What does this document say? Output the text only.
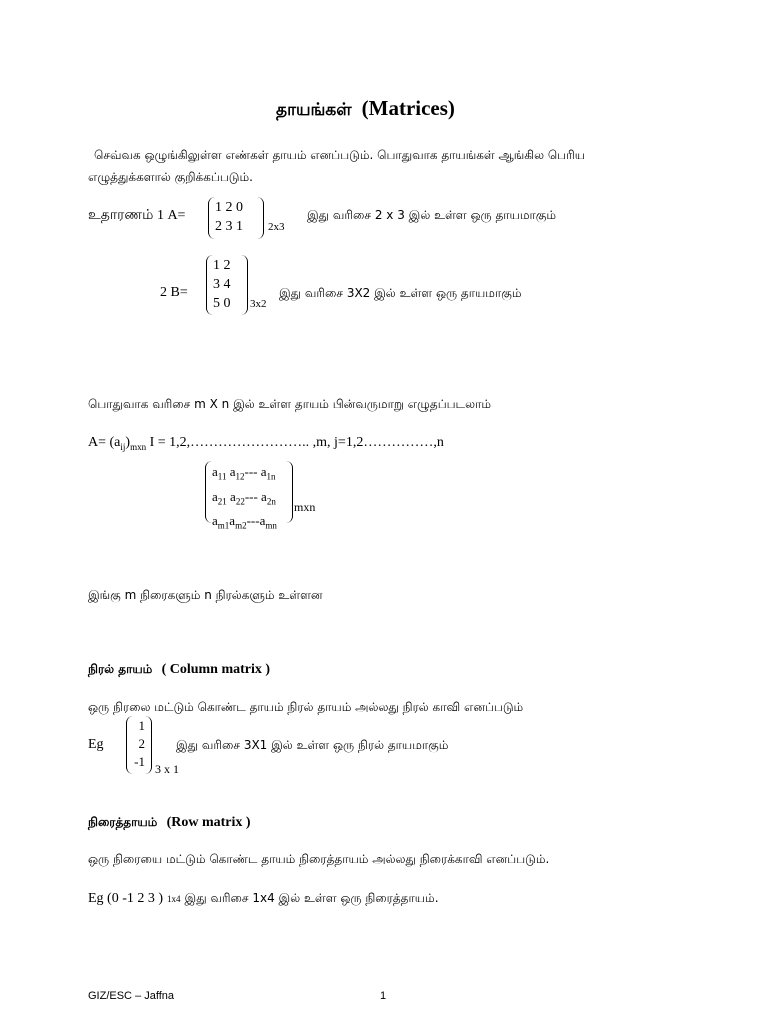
தாயங்கள் (Matrices)
செவ்வக ஒழுங்கிலுள்ள எண்கள் தாயம் எனப்படும். பொதுவாக தாயங்கள் ஆங்கில பெரிய
எழுத்துக்களால் குறிக்கப்படும்.
உதாரணம் 1 A=
1 2 0
2 3 1	2x3
இது வரிசை 2 x 3 இல் உள்ள ஒரு தாயமாகும்
2 B=
1 2
3 4
5 0	3x2
இது வரிசை 3X2 இல் உள்ள ஒரு தாயமாகும்
பொதுவாக வரிசை m X n இல் உள்ள தாயம் பின்வருமாறு எழுதப்படலாம்
$A= (a_{ij})_{mxn}$ I = 1,2,…………………….. ,m, j=1,2……………,n
$a_{11}$ $a_{12}---$ $a_{1n}$
$a_{21}$ $a_{22}---$ $a_{2n}$
$a_{m1}a_{m2}---a_{mn}$
mxn
இங்கு m நிரைகளும் n நிரல்களும் உள்ளன
நிரல் தாயம் ( Column matrix )
ஒரு நிரலை மட்டும் கொண்ட தாயம் நிரல் தாயம் அல்லது நிரல் காவி எனப்படும்
Eg
1
2
-1 3 x 1
இது வரிசை 3X1 இல் உள்ள ஒரு நிரல் தாயமாகும்
நிரைத்தாயம் (Row matrix )
ஒரு நிரையை மட்டும் கொண்ட தாயம் நிரைத்தாயம் அல்லது நிரைக்காவி எனப்படும்.
Eg (0 -1 2 3 ) 1x4 இது வரிசை 1x4 இல் உள்ள ஒரு நிரைத்தாயம்.
GIZ/ESC – Jaffna	1
